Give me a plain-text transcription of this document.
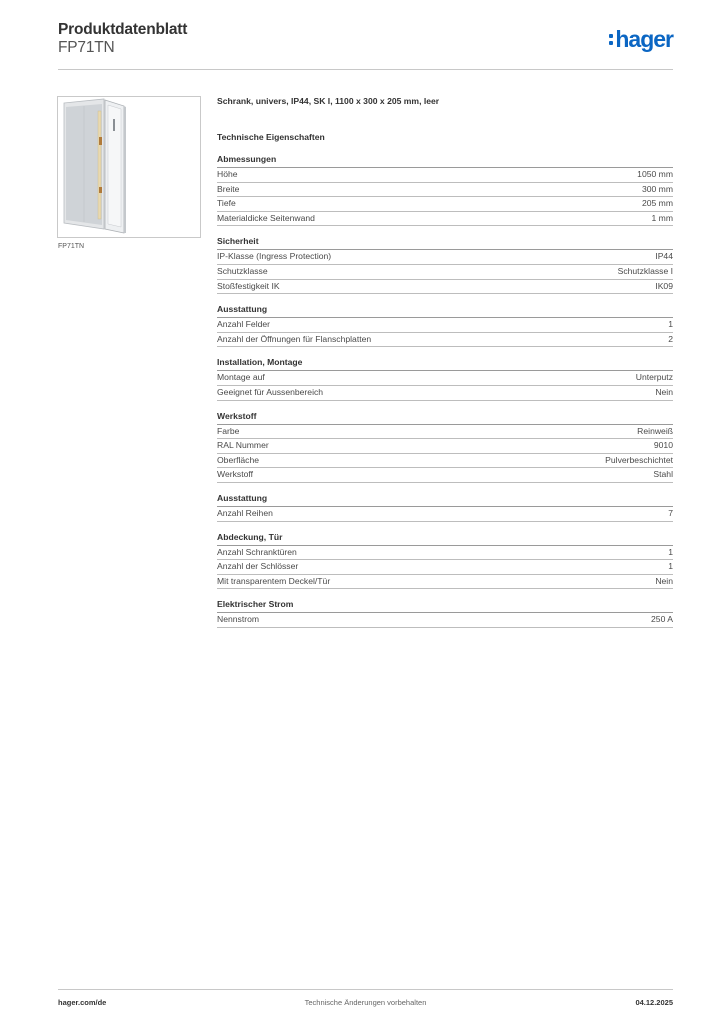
Produktdatenblatt
FP71TN	hager
FP71TN
Schrank, univers, IP44, SK I, 1100 x 300 x 205 mm, leer
Technische Eigenschaften
Abmessungen
Höhe	1050 mm
Breite	300 mm
Tiefe	205 mm
Materialdicke Seitenwand	1 mm
Sicherheit
IP-Klasse (Ingress Protection)	IP44
Schutzklasse	Schutzklasse I
Stoßfestigkeit IK	IK09
Ausstattung
Anzahl Felder	1
Anzahl der Öffnungen für Flanschplatten	2
Installation, Montage
Montage auf	Unterputz
Geeignet für Aussenbereich	Nein
Werkstoff
Farbe	Reinweiß
RAL Nummer	9010
Oberfläche	Pulverbeschichtet
Werkstoff	Stahl
Ausstattung
Anzahl Reihen	7
Abdeckung, Tür
Anzahl Schranktüren	1
Anzahl der Schlösser	1
Mit transparentem Deckel/Tür	Nein
Elektrischer Strom
Nennstrom	250 A
hager.com/de	Technische Änderungen vorbehalten	04.12.2025
